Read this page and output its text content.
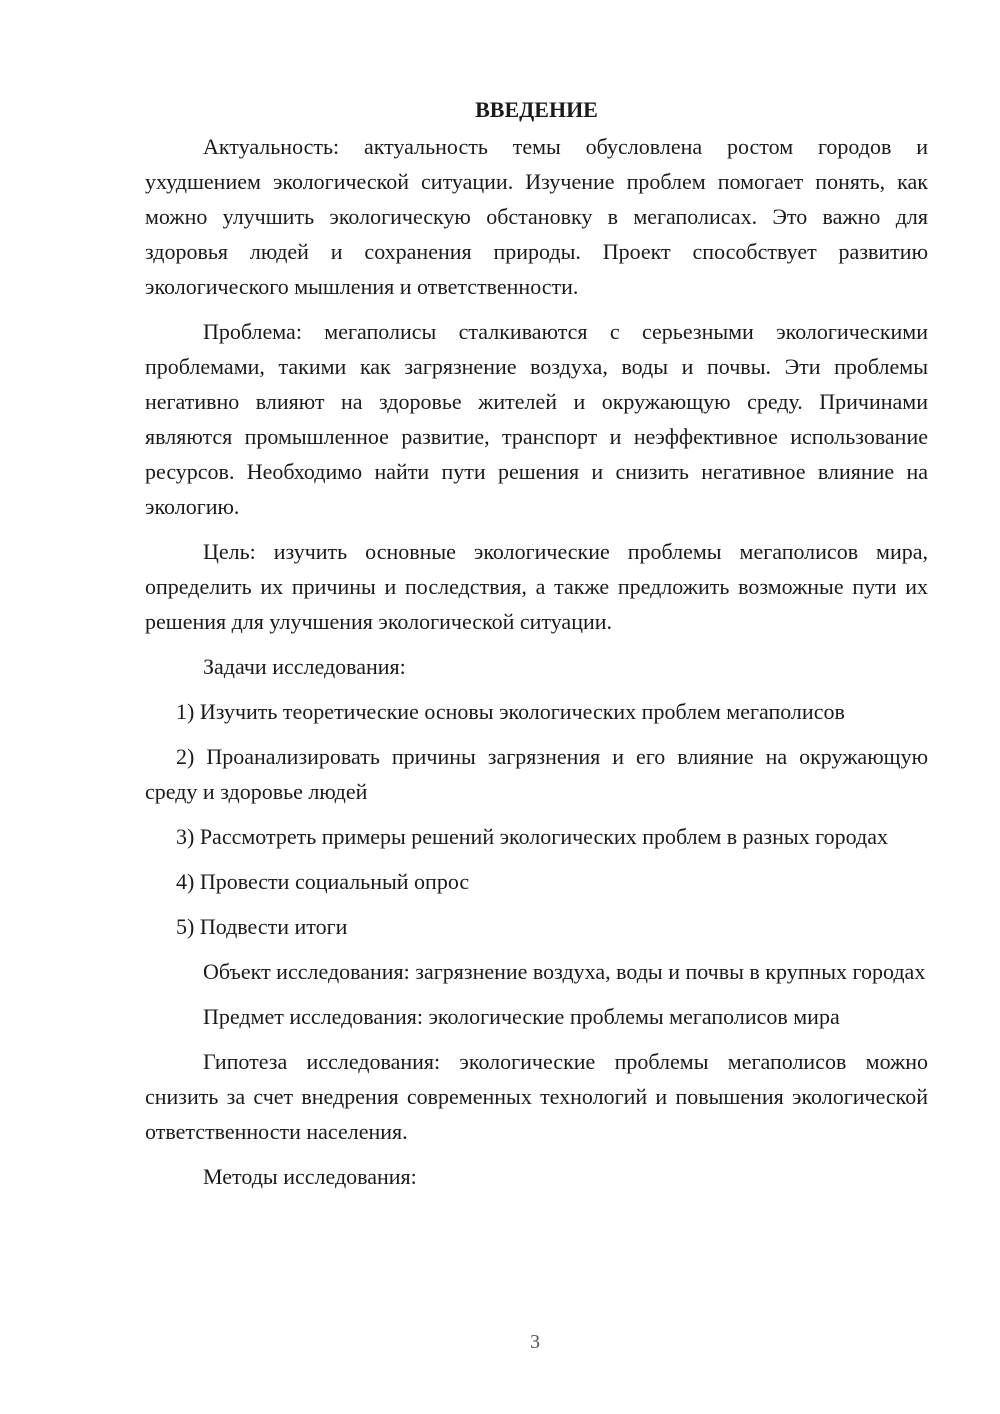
ВВЕДЕНИЕ

Актуальность: актуальность темы обусловлена ростом городов и ухудшением экологической ситуации. Изучение проблем помогает понять, как можно улучшить экологическую обстановку в мегаполисах. Это важно для здоровья людей и сохранения природы. Проект способствует развитию экологического мышления и ответственности.

Проблема: мегаполисы сталкиваются с серьезными экологическими проблемами, такими как загрязнение воздуха, воды и почвы. Эти проблемы негативно влияют на здоровье жителей и окружающую среду. Причинами являются промышленное развитие, транспорт и неэффективное использование ресурсов. Необходимо найти пути решения и снизить негативное влияние на экологию.

Цель: изучить основные экологические проблемы мегаполисов мира, определить их причины и последствия, а также предложить возможные пути их решения для улучшения экологической ситуации.

Задачи исследования:

1) Изучить теоретические основы экологических проблем мегаполисов

2) Проанализировать причины загрязнения и его влияние на окружающую среду и здоровье людей

3) Рассмотреть примеры решений экологических проблем в разных городах

4) Провести социальный опрос

5) Подвести итоги

Объект исследования: загрязнение воздуха, воды и почвы в крупных городах

Предмет исследования: экологические проблемы мегаполисов мира

Гипотеза исследования: экологические проблемы мегаполисов можно снизить за счет внедрения современных технологий и повышения экологической ответственности населения.

Методы исследования:

3
